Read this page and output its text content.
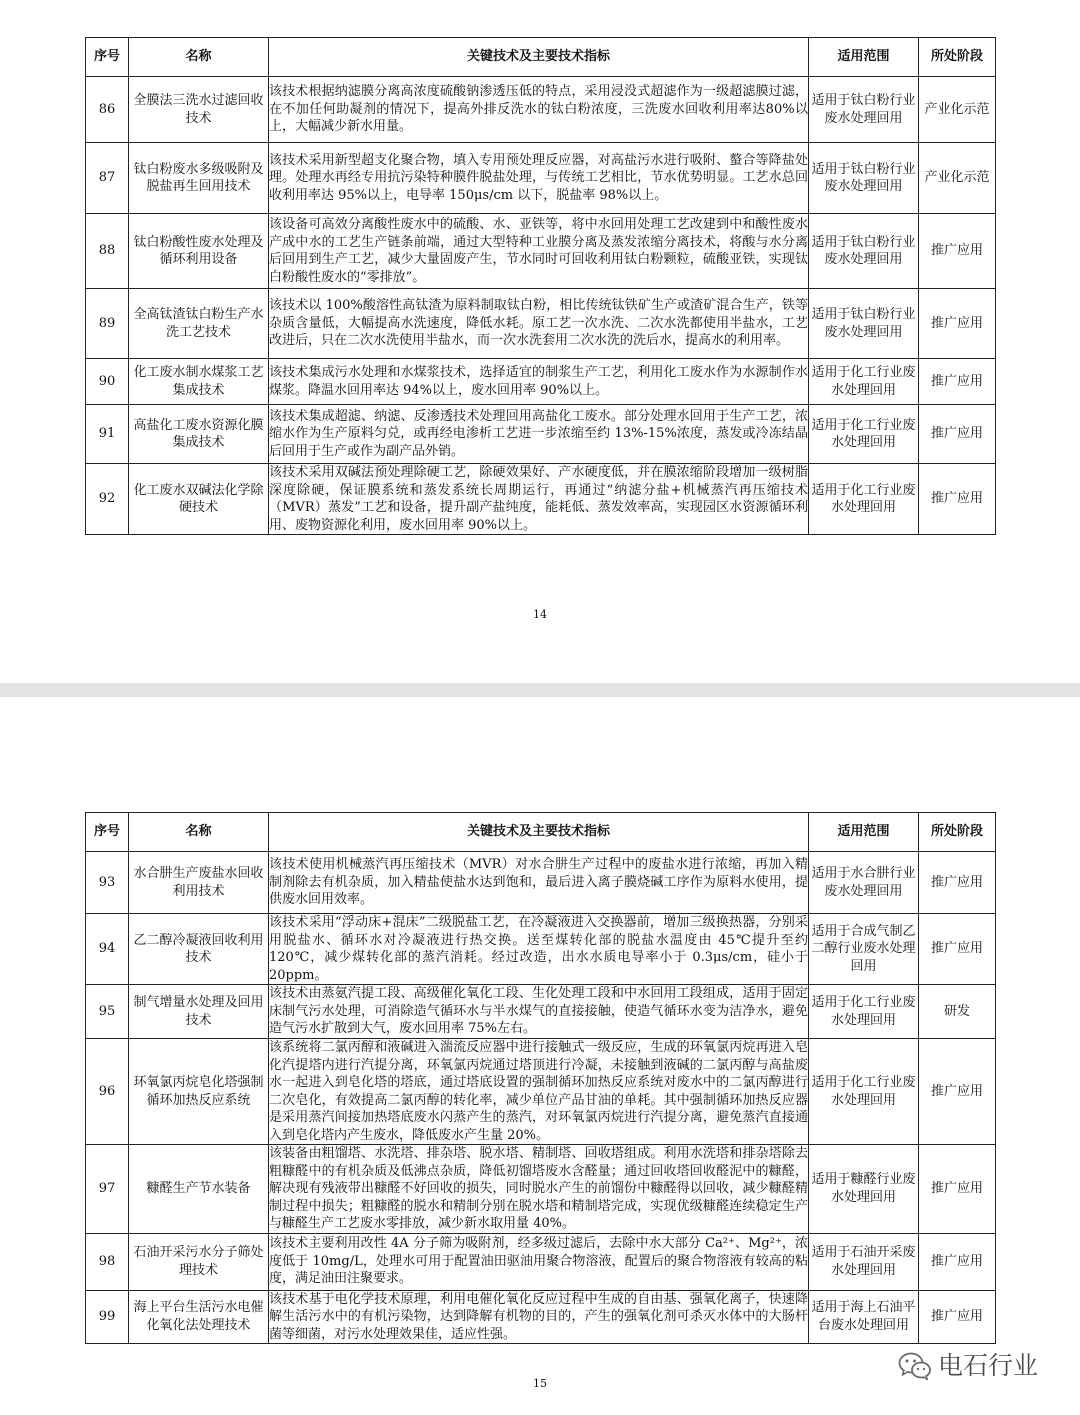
序号	名称	关键技术及主要技术指标	适用范围	所处阶段
86	全膜法三洗水过滤回收技术	该技术根据纳滤膜分离高浓度硫酸钠渗透压低的特点，采用浸没式超滤作为一级超滤膜过滤，在不加任何助凝剂的情况下，提高外排反洗水的钛白粉浓度，三洗废水回收利用率达80%以上，大幅减少新水用量。	适用于钛白粉行业废水处理回用	产业化示范
87	钛白粉废水多级吸附及脱盐再生回用技术	该技术采用新型超支化聚合物，填入专用预处理反应器，对高盐污水进行吸附、螯合等降盐处理。处理水再经专用抗污染特种膜件脱盐处理，与传统工艺相比，节水优势明显。工艺水总回收利用率达 95%以上，电导率 150μs/cm 以下，脱盐率 98%以上。	适用于钛白粉行业废水处理回用	产业化示范
88	钛白粉酸性废水处理及循环利用设备	该设备可高效分离酸性废水中的硫酸、水、亚铁等，将中水回用处理工艺改建到中和酸性废水产成中水的工艺生产链条前端，通过大型特种工业膜分离及蒸发浓缩分离技术，将酸与水分离后回用到生产工艺，减少大量固废产生，节水同时可回收利用钛白粉颗粒，硫酸亚铁，实现钛白粉酸性废水的“零排放”。	适用于钛白粉行业废水处理回用	推广应用
89	全高钛渣钛白粉生产水洗工艺技术	该技术以 100%酸溶性高钛渣为原料制取钛白粉，相比传统钛铁矿生产或渣矿混合生产，铁等杂质含量低，大幅提高水洗速度，降低水耗。原工艺一次水洗、二次水洗都使用半盐水，工艺改进后，只在二次水洗使用半盐水，而一次水洗套用二次水洗的洗后水，提高水的利用率。	适用于钛白粉行业废水处理回用	推广应用
90	化工废水制水煤浆工艺集成技术	该技术集成污水处理和水煤浆技术，选择适宜的制浆生产工艺，利用化工废水作为水源制作水煤浆。降温水回用率达 94%以上，废水回用率 90%以上。	适用于化工行业废水处理回用	推广应用
91	高盐化工废水资源化膜集成技术	该技术集成超滤、纳滤、反渗透技术处理回用高盐化工废水。部分处理水回用于生产工艺，浓缩水作为生产原料匀兑，或再经电渗析工艺进一步浓缩至约 13%-15%浓度，蒸发或冷冻结晶后回用于生产或作为副产品外销。	适用于化工行业废水处理回用	推广应用
92	化工废水双碱法化学除硬技术	该技术采用双碱法预处理除硬工艺，除硬效果好、产水硬度低，并在膜浓缩阶段增加一级树脂深度除硬，保证膜系统和蒸发系统长周期运行，再通过“纳滤分盐+机械蒸汽再压缩技术（MVR）蒸发”工艺和设备，提升副产盐纯度，能耗低、蒸发效率高，实现园区水资源循环利用、废物资源化利用，废水回用率 90%以上。	适用于化工行业废水处理回用	推广应用
14
序号	名称	关键技术及主要技术指标	适用范围	所处阶段
93	水合肼生产废盐水回收利用技术	该技术使用机械蒸汽再压缩技术（MVR）对水合肼生产过程中的废盐水进行浓缩，再加入精制剂除去有机杂质，加入精盐使盐水达到饱和，最后进入离子膜烧碱工序作为原料水使用，提供废水回用效率。	适用于水合肼行业废水处理回用	推广应用
94	乙二醇冷凝液回收利用技术	该技术采用“浮动床+混床”二级脱盐工艺，在冷凝液进入交换器前，增加三级换热器，分别采用脱盐水、循环水对冷凝液进行热交换。送至煤转化部的脱盐水温度由 45℃提升至约 120℃，减少煤转化部的蒸汽消耗。经过改造，出水水质电导率小于 0.3μs/cm，硅小于20ppm。	适用于合成气制乙二醇行业废水处理回用	推广应用
95	制气增量水处理及回用技术	该技术由蒸氨汽提工段、高级催化氧化工段、生化处理工段和中水回用工段组成，适用于固定床制气污水处理，可消除造气循环水与半水煤气的直接接触，使造气循环水变为洁净水，避免造气污水扩散到大气，废水回用率 75%左右。	适用于化工行业废水处理回用	研发
96	环氧氯丙烷皂化塔强制循环加热反应系统	该系统将二氯丙醇和液碱进入湍流反应器中进行接触式一级反应，生成的环氧氯丙烷再进入皂化汽提塔内进行汽提分离，环氧氯丙烷通过塔顶进行冷凝，未接触到液碱的二氯丙醇与高盐废水一起进入到皂化塔的塔底，通过塔底设置的强制循环加热反应系统对废水中的二氯丙醇进行二次皂化，有效提高二氯丙醇的转化率，减少单位产品甘油的单耗。其中强制循环加热反应器是采用蒸汽间接加热塔底废水闪蒸产生的蒸汽，对环氧氯丙烷进行汽提分离，避免蒸汽直接通入到皂化塔内产生废水，降低废水产生量 20%。	适用于化工行业废水处理回用	推广应用
97	糠醛生产节水装备	该装备由粗馏塔、水洗塔、排杂塔、脱水塔、精制塔、回收塔组成。利用水洗塔和排杂塔除去粗糠醛中的有机杂质及低沸点杂质，降低初馏塔废水含醛量；通过回收塔回收醛泥中的糠醛，解决现有残液带出糠醛不好回收的损失，同时脱水产生的前馏份中糠醛得以回收，减少糠醛精制过程中损失；粗糠醛的脱水和精制分别在脱水塔和精制塔完成，实现优级糠醛连续稳定生产与糠醛生产工艺废水零排放，减少新水取用量 40%。	适用于糠醛行业废水处理回用	推广应用
98	石油开采污水分子筛处理技术	该技术主要利用改性 4A 分子筛为吸附剂，经多级过滤后，去除中水大部分 Ca²⁺、Mg²⁺，浓度低于 10mg/L，处理水可用于配置油田驱油用聚合物溶液，配置后的聚合物溶液有较高的粘度，满足油田注聚要求。	适用于石油开采废水处理回用	推广应用
99	海上平台生活污水电催化氧化法处理技术	该技术基于电化学技术原理，利用电催化氧化反应过程中生成的自由基、强氧化离子，快速降解生活污水中的有机污染物，达到降解有机物的目的，产生的强氧化剂可杀灭水体中的大肠杆菌等细菌，对污水处理效果佳，适应性强。	适用于海上石油平台废水处理回用	推广应用
15
电石行业
